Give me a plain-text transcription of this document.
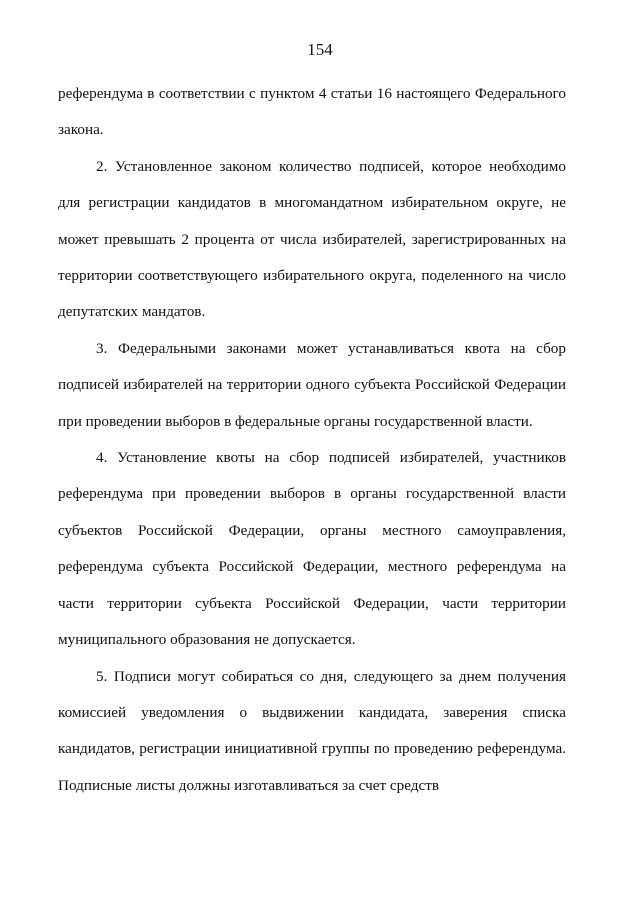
154

референдума в соответствии с пунктом 4 статьи 16 настоящего Федерального закона.

2. Установленное законом количество подписей, которое необходимо для регистрации кандидатов в многомандатном избирательном округе, не может превышать 2 процента от числа избирателей, зарегистрированных на территории соответствующего избирательного округа, поделенного на число депутатских мандатов.

3. Федеральными законами может устанавливаться квота на сбор подписей избирателей на территории одного субъекта Российской Федерации при проведении выборов в федеральные органы государственной власти.

4. Установление квоты на сбор подписей избирателей, участников референдума при проведении выборов в органы государственной власти субъектов Российской Федерации, органы местного самоуправления, референдума субъекта Российской Федерации, местного референдума на части территории субъекта Российской Федерации, части территории муниципального образования не допускается.

5. Подписи могут собираться со дня, следующего за днем получения комиссией уведомления о выдвижении кандидата, заверения списка кандидатов, регистрации инициативной группы по проведению референдума. Подписные листы должны изготавливаться за счет средств
